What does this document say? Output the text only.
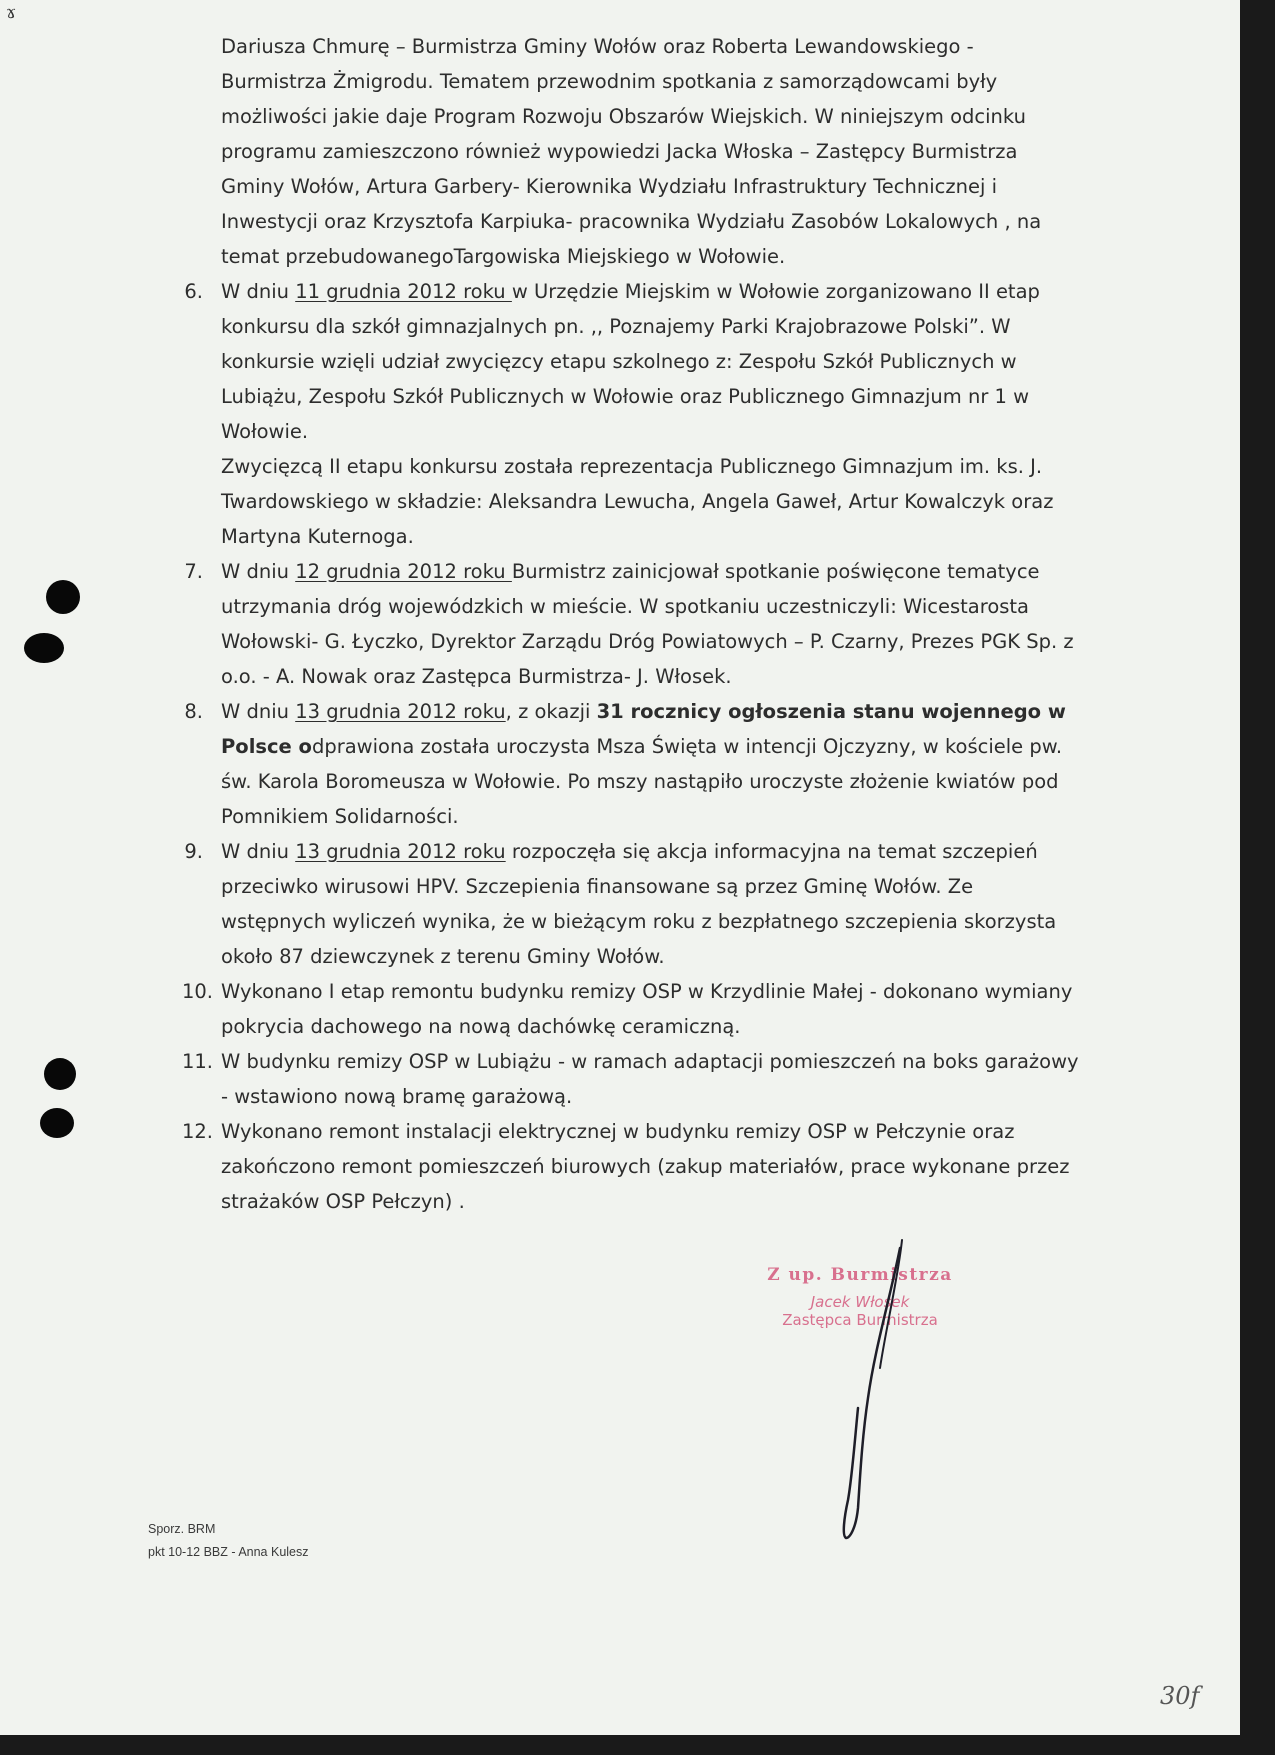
ɤ

Dariusza Chmurę – Burmistrza Gminy Wołów oraz Roberta Lewandowskiego - Burmistrza Żmigrodu. Tematem przewodnim spotkania z samorządowcami były możliwości jakie daje Program Rozwoju Obszarów Wiejskich. W niniejszym odcinku programu zamieszczono również wypowiedzi Jacka Włoska – Zastępcy Burmistrza Gminy Wołów, Artura Garbery- Kierownika Wydziału Infrastruktury Technicznej i Inwestycji oraz Krzysztofa Karpiuka- pracownika Wydziału Zasobów Lokalowych , na temat przebudowanegoTargowiska Miejskiego w Wołowie.

6. W dniu 11 grudnia 2012 roku w Urzędzie Miejskim w Wołowie zorganizowano II etap konkursu dla szkół gimnazjalnych pn. ,, Poznajemy Parki Krajobrazowe Polski”. W konkursie wzięli udział zwycięzcy etapu szkolnego z: Zespołu Szkół Publicznych w Lubiążu, Zespołu Szkół Publicznych w Wołowie oraz Publicznego Gimnazjum nr 1 w Wołowie.
Zwycięzcą II etapu konkursu została reprezentacja Publicznego Gimnazjum im. ks. J. Twardowskiego w składzie: Aleksandra Lewucha, Angela Gaweł, Artur Kowalczyk oraz Martyna Kuternoga.
7. W dniu 12 grudnia 2012 roku Burmistrz zainicjował spotkanie poświęcone tematyce utrzymania dróg wojewódzkich w mieście. W spotkaniu uczestniczyli: Wicestarosta Wołowski- G. Łyczko, Dyrektor Zarządu Dróg Powiatowych – P. Czarny, Prezes PGK Sp. z o.o. - A. Nowak oraz Zastępca Burmistrza- J. Włosek.
8. W dniu 13 grudnia 2012 roku, z okazji 31 rocznicy ogłoszenia stanu wojennego w Polsce odprawiona została uroczysta Msza Święta w intencji Ojczyzny, w kościele pw. św. Karola Boromeusza w Wołowie. Po mszy nastąpiło uroczyste złożenie kwiatów pod Pomnikiem Solidarności.
9. W dniu 13 grudnia 2012 roku rozpoczęła się akcja informacyjna na temat szczepień przeciwko wirusowi HPV. Szczepienia finansowane są przez Gminę Wołów. Ze wstępnych wyliczeń wynika, że w bieżącym roku z bezpłatnego szczepienia skorzysta około 87 dziewczynek z terenu Gminy Wołów.
10. Wykonano I etap remontu budynku remizy OSP w Krzydlinie Małej - dokonano wymiany pokrycia dachowego na nową dachówkę ceramiczną.
11. W budynku remizy OSP w Lubiążu - w ramach adaptacji pomieszczeń na boks garażowy - wstawiono nową bramę garażową.
12. Wykonano remont instalacji elektrycznej w budynku remizy OSP w Pełczynie oraz zakończono remont pomieszczeń biurowych (zakup materiałów, prace wykonane przez strażaków OSP Pełczyn) .
Z up. Burmistrza
Jacek Włosek
Zastępca Burmistrza
Sporz. BRM
pkt 10-12 BBZ - Anna Kulesz
30f
